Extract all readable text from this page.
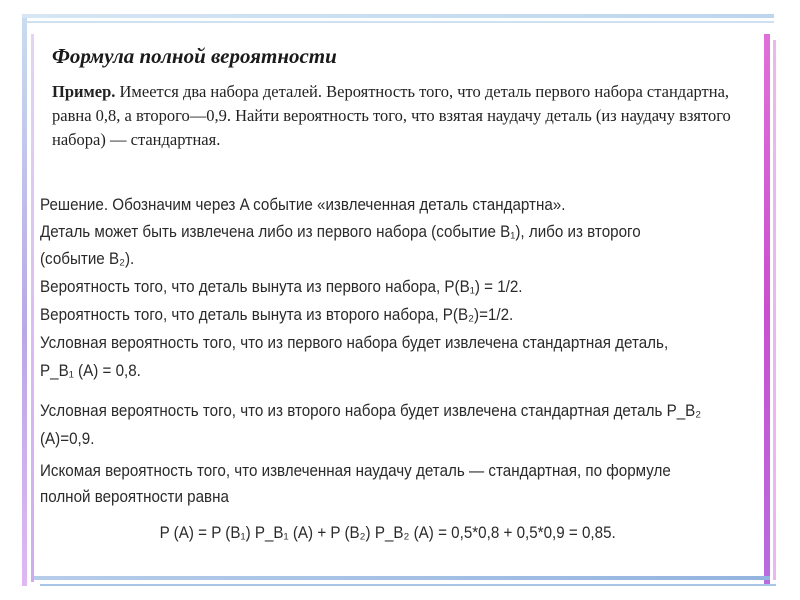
Формула полной вероятности
Пример. Имеется два набора деталей. Вероятность того, что деталь первого набора стандартна, равна 0,8, а второго—0,9. Найти вероятность того, что взятая наудачу деталь (из наудачу взятого набора) — стандартная.
Решение. Обозначим через A событие «извлеченная деталь стандартна».
Деталь может быть извлечена либо из первого набора (событие B₁), либо из второго
(событие B₂).
Вероятность того, что деталь вынута из первого набора, P(B₁) = 1/2.
Вероятность того, что деталь вынута из второго набора, P(B₂)=1/2.
Условная вероятность того, что из первого набора будет извлечена стандартная деталь,
P_B₁ (A) = 0,8.
Условная вероятность того, что из второго набора будет извлечена стандартная деталь P_B₂
(A)=0,9.
Искомая вероятность того, что извлеченная наудачу деталь — стандартная, по формуле
полной вероятности равна
P (A) = P (B₁) P_B₁ (A) + P (B₂) P_B₂ (A) = 0,5*0,8 + 0,5*0,9 = 0,85.
